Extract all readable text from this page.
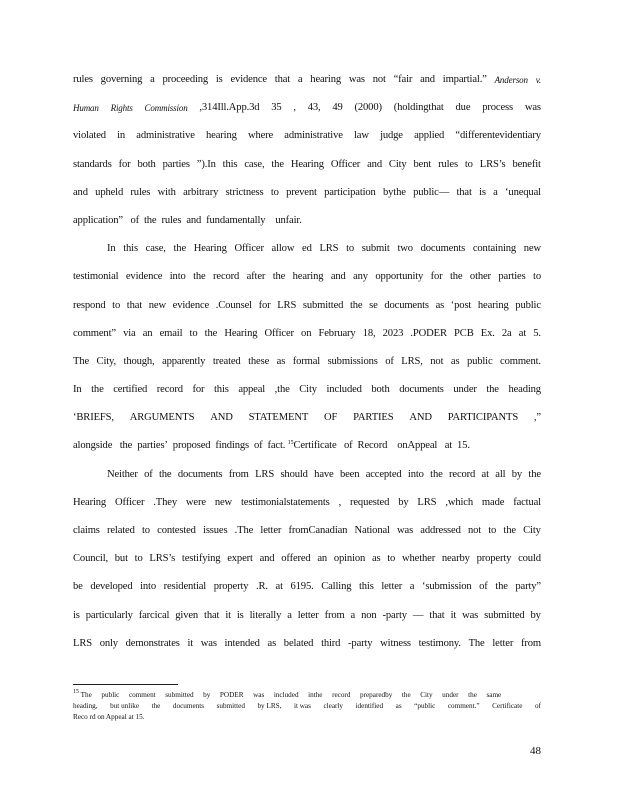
rules governing a proceeding is evidence that a hearing was not “fair and impartial.” Anderson v.
Human Rights Commission ,314Ill.App.3d 35 , 43, 49 (2000) (holdingthat due process was
violated in administrative hearing where administrative law judge applied “differentevidentiary
standards for both parties ”).In this case, the Hearing Officer and City bent rules to LRS’s benefit
and upheld rules with arbitrary strictness to prevent participation bythe public— that is a ‘unequal
application”   of  the  rules  and  fundamentally    unfair.
In this case, the Hearing Officer allow ed LRS to submit two documents containing new
testimonial evidence into the record after the hearing and any opportunity for the other parties to
respond to that new evidence .Counsel for LRS submitted the se documents as ‘post hearing public
comment” via an email to the Hearing Officer on February 18, 2023 .PODER PCB Ex. 2a at 5.
The City, though, apparently treated these as formal submissions of LRS, not as public comment.
In the certified record for this appeal ,the City included both documents under the heading
‘BRIEFS, ARGUMENTS AND STATEMENT OF PARTIES AND PARTICIPANTS ,”
alongside   the  parties’  proposed  findings  of  fact. $^{15}$Certificate   of  Record    onAppeal   at  15.
Neither of the documents from LRS should have been accepted into the record at all by the
Hearing Officer .They were new testimonialstatements , requested by LRS ,which made factual
claims related to contested issues .The letter fromCanadian National was addressed not to the City
Council, but to LRS’s testifying expert and offered an opinion as to whether nearby property could
be developed into residential property .R. at 6195. Calling this letter a ‘submission of the party”
is particularly farcical given that it is literally a letter from a non -party — that it was submitted by
LRS only demonstrates it was intended as belated third -party witness testimony. The letter from
$^{15}$ The public comment submitted by PODER was included inthe record preparedby the City under the same
heading, but unlike the documents submitted by LRS, it was clearly identified as “public comment.” Certificate of
Reco rd on Appeal at 15.
48
